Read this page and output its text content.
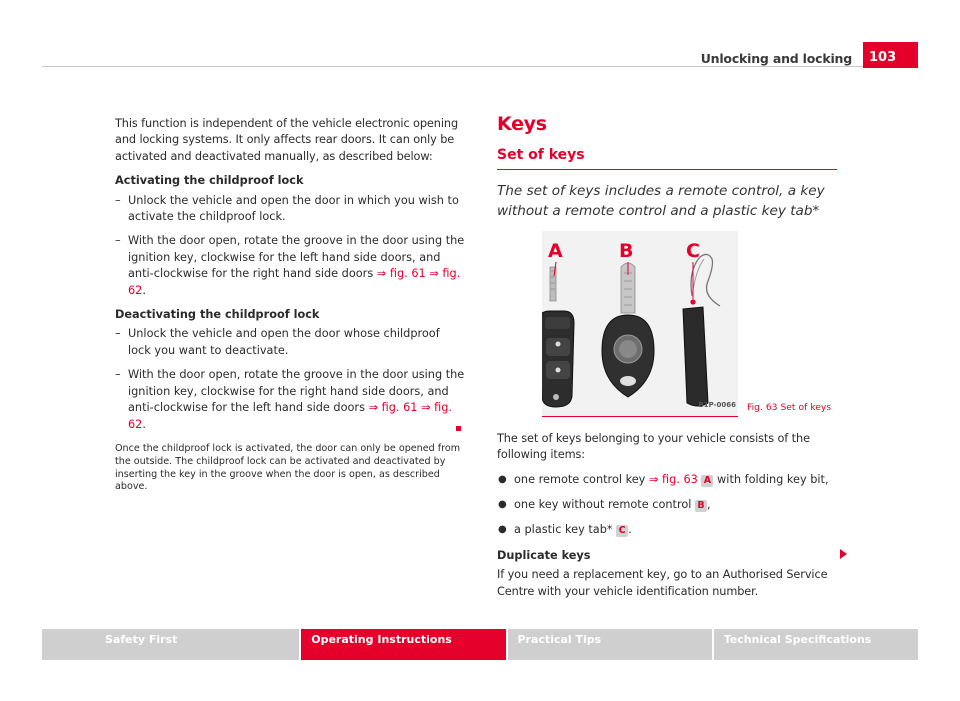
Unlocking and locking	103

This function is independent of the vehicle electronic opening and locking systems. It only affects rear doors. It can only be activated and deactivated manually, as described below:

Activating the childproof lock

– Unlock the vehicle and open the door in which you wish to activate the childproof lock.
– With the door open, rotate the groove in the door using the ignition key, clockwise for the left hand side doors, and anti-clockwise for the right hand side doors ⇒ fig. 61 ⇒ fig. 62.

Deactivating the childproof lock

– Unlock the vehicle and open the door whose childproof lock you want to deactivate.
– With the door open, rotate the groove in the door using the ignition key, clockwise for the right hand side doors, and anti-clockwise for the left hand side doors ⇒ fig. 61 ⇒ fig. 62.

Once the childproof lock is activated, the door can only be opened from the outside. The childproof lock can be activated and deactivated by inserting the key in the groove when the door is open, as described above.

Keys
Set of keys

The set of keys includes a remote control, a key without a remote control and a plastic key tab*

A	B	C
B1P-0066 Fig. 63 Set of keys

The set of keys belonging to your vehicle consists of the following items:

● one remote control key ⇒ fig. 63 A with folding key bit,
● one key without remote control B ,
● a plastic key tab* C .

Duplicate keys

If you need a replacement key, go to an Authorised Service Centre with your vehicle identification number.

Safety First	Operating Instructions	Practical Tips	Technical Specifications
